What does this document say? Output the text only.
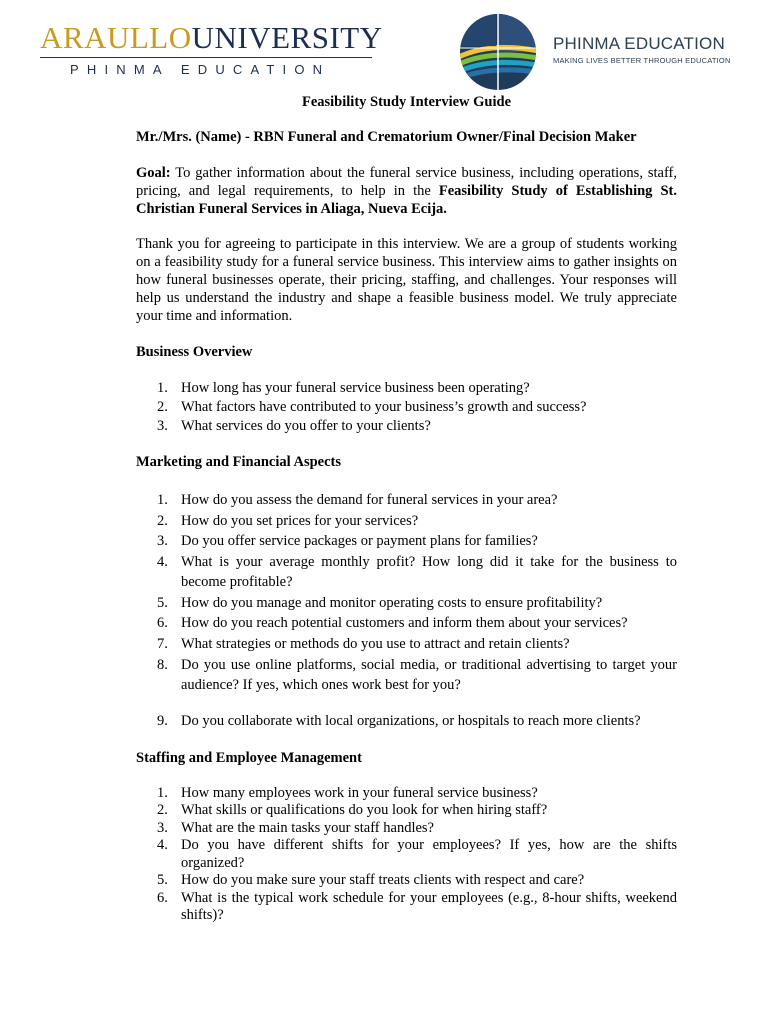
ARAULLOUNIVERSITY
PHINMA EDUCATION
PHINMA EDUCATION
MAKING LIVES BETTER THROUGH EDUCATION

Feasibility Study Interview Guide

Mr./Mrs. (Name) - RBN Funeral and Crematorium Owner/Final Decision Maker

Goal: To gather information about the funeral service business, including operations, staff, pricing, and legal requirements, to help in the Feasibility Study of Establishing St. Christian Funeral Services in Aliaga, Nueva Ecija.

Thank you for agreeing to participate in this interview. We are a group of students working on a feasibility study for a funeral service business. This interview aims to gather insights on how funeral businesses operate, their pricing, staffing, and challenges. Your responses will help us understand the industry and shape a feasible business model. We truly appreciate your time and information.

Business Overview

1. How long has your funeral service business been operating?
2. What factors have contributed to your business’s growth and success?
3. What services do you offer to your clients?

Marketing and Financial Aspects

1. How do you assess the demand for funeral services in your area?
2. How do you set prices for your services?
3. Do you offer service packages or payment plans for families?
4. What is your average monthly profit? How long did it take for the business to become profitable?
5. How do you manage and monitor operating costs to ensure profitability?
6. How do you reach potential customers and inform them about your services?
7. What strategies or methods do you use to attract and retain clients?
8. Do you use online platforms, social media, or traditional advertising to target your audience? If yes, which ones work best for you?
9. Do you collaborate with local organizations, or hospitals to reach more clients?

Staffing and Employee Management

1. How many employees work in your funeral service business?
2. What skills or qualifications do you look for when hiring staff?
3. What are the main tasks your staff handles?
4. Do you have different shifts for your employees? If yes, how are the shifts organized?
5. How do you make sure your staff treats clients with respect and care?
6. What is the typical work schedule for your employees (e.g., 8-hour shifts, weekend shifts)?
